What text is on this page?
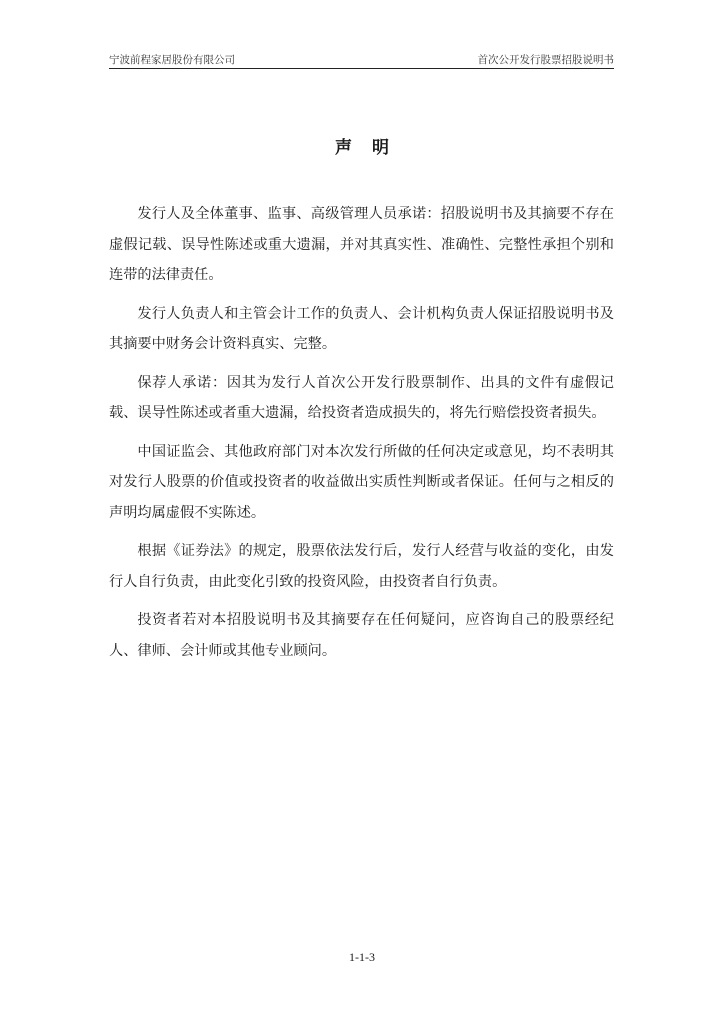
宁波前程家居股份有限公司	首次公开发行股票招股说明书
声明

发行人及全体董事、监事、高级管理人员承诺：招股说明书及其摘要不存在虚假记载、误导性陈述或重大遗漏，并对其真实性、准确性、完整性承担个别和连带的法律责任。

发行人负责人和主管会计工作的负责人、会计机构负责人保证招股说明书及其摘要中财务会计资料真实、完整。

保荐人承诺：因其为发行人首次公开发行股票制作、出具的文件有虚假记载、误导性陈述或者重大遗漏，给投资者造成损失的，将先行赔偿投资者损失。

中国证监会、其他政府部门对本次发行所做的任何决定或意见，均不表明其对发行人股票的价值或投资者的收益做出实质性判断或者保证。任何与之相反的声明均属虚假不实陈述。

根据《证券法》的规定，股票依法发行后，发行人经营与收益的变化，由发行人自行负责，由此变化引致的投资风险，由投资者自行负责。

投资者若对本招股说明书及其摘要存在任何疑问，应咨询自己的股票经纪人、律师、会计师或其他专业顾问。

1-1-3
